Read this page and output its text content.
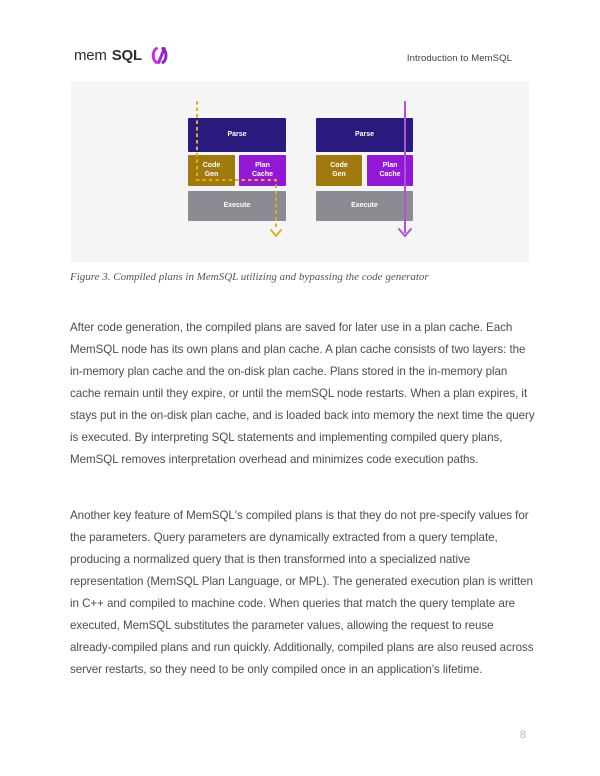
mem SQL	Introduction to MemSQL
Parse
Code
Gen
Plan
Cache
Execute
Parse
Code
Gen
Plan
Cache
Execute
Figure 3. Compiled plans in MemSQL utilizing and bypassing the code generator

After code generation, the compiled plans are saved for later use in a plan cache. Each MemSQL node has its own plans and plan cache. A plan cache consists of two layers: the in-memory plan cache and the on-disk plan cache. Plans stored in the in-memory plan cache remain until they expire, or until the memSQL node restarts. When a plan expires, it stays put in the on-disk plan cache, and is loaded back into memory the next time the query is executed. By interpreting SQL statements and implementing compiled query plans, MemSQL removes interpretation overhead and minimizes code execution paths.

Another key feature of MemSQL's compiled plans is that they do not pre-specify values for the parameters. Query parameters are dynamically extracted from a query template, producing a normalized query that is then transformed into a specialized native representation (MemSQL Plan Language, or MPL). The generated execution plan is written in C++ and compiled to machine code. When queries that match the query template are executed, MemSQL substitutes the parameter values, allowing the request to reuse already-compiled plans and run quickly. Additionally, compiled plans are also reused across server restarts, so they need to be only compiled once in an application's lifetime.

8
